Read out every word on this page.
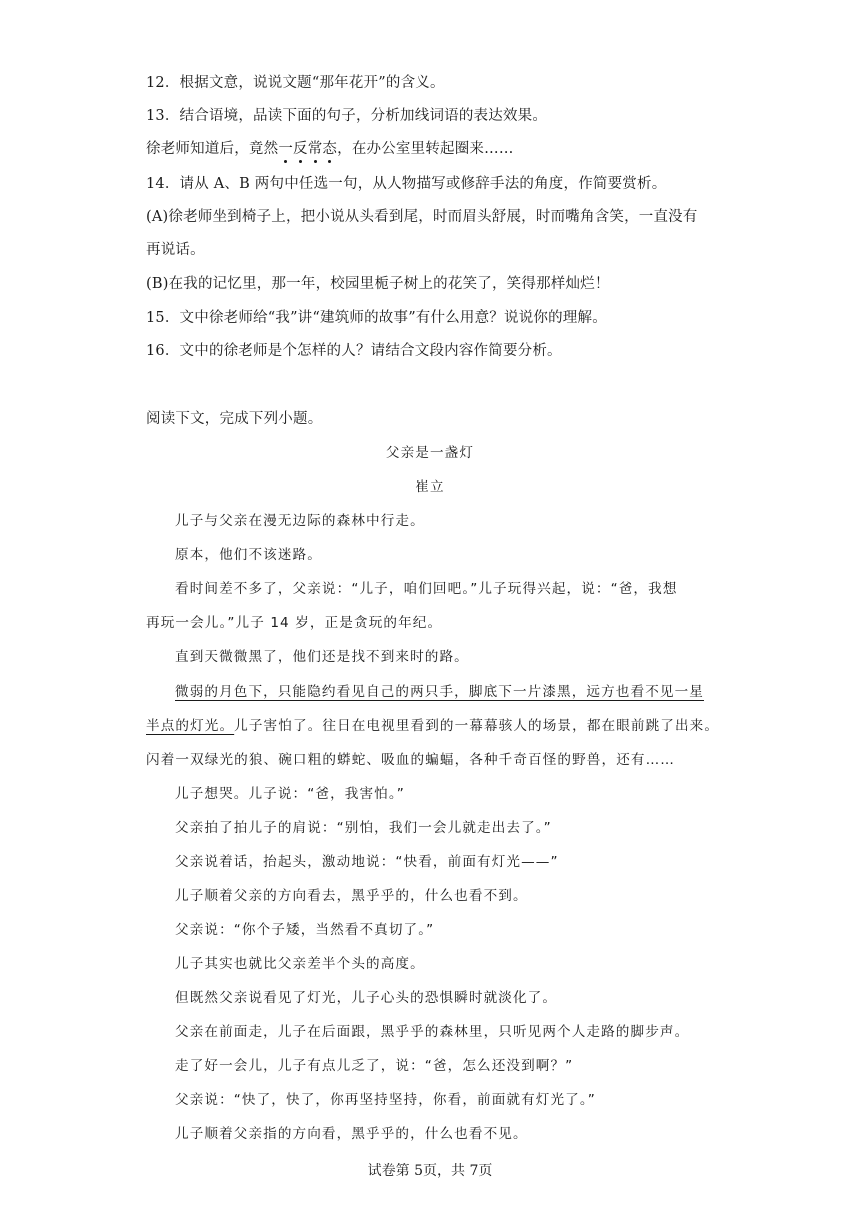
12．根据文意，说说文题“那年花开”的含义。
13．结合语境，品读下面的句子，分析加线词语的表达效果。
徐老师知道后，竟然一反常态，在办公室里转起圈来……
14．请从 A、B 两句中任选一句，从人物描写或修辞手法的角度，作简要赏析。
(A)徐老师坐到椅子上，把小说从头看到尾，时而眉头舒展，时而嘴角含笑，一直没有
再说话。
(B)在我的记忆里，那一年，校园里栀子树上的花笑了，笑得那样灿烂！
15．文中徐老师给“我”讲“建筑师的故事”有什么用意？说说你的理解。
16．文中的徐老师是个怎样的人？请结合文段内容作简要分析。
阅读下文，完成下列小题。
父亲是一盏灯
崔立
儿子与父亲在漫无边际的森林中行走。
原本，他们不该迷路。
看时间差不多了，父亲说：“儿子，咱们回吧。”儿子玩得兴起，说：“爸，我想
再玩一会儿。”儿子 14 岁，正是贪玩的年纪。
直到天微微黑了，他们还是找不到来时的路。
微弱的月色下，只能隐约看见自己的两只手，脚底下一片漆黑，远方也看不见一星
半点的灯光。儿子害怕了。往日在电视里看到的一幕幕骇人的场景，都在眼前跳了出来。
闪着一双绿光的狼、碗口粗的蟒蛇、吸血的蝙蝠，各种千奇百怪的野兽，还有……
儿子想哭。儿子说：“爸，我害怕。”
父亲拍了拍儿子的肩说：“别怕，我们一会儿就走出去了。”
父亲说着话，抬起头，激动地说：“快看，前面有灯光——”
儿子顺着父亲的方向看去，黑乎乎的，什么也看不到。
父亲说：“你个子矮，当然看不真切了。”
儿子其实也就比父亲差半个头的高度。
但既然父亲说看见了灯光，儿子心头的恐惧瞬时就淡化了。
父亲在前面走，儿子在后面跟，黑乎乎的森林里，只听见两个人走路的脚步声。
走了好一会儿，儿子有点儿乏了，说：“爸，怎么还没到啊？”
父亲说：“快了，快了，你再坚持坚持，你看，前面就有灯光了。”
儿子顺着父亲指的方向看，黑乎乎的，什么也看不见。
试卷第 5页，共 7页
